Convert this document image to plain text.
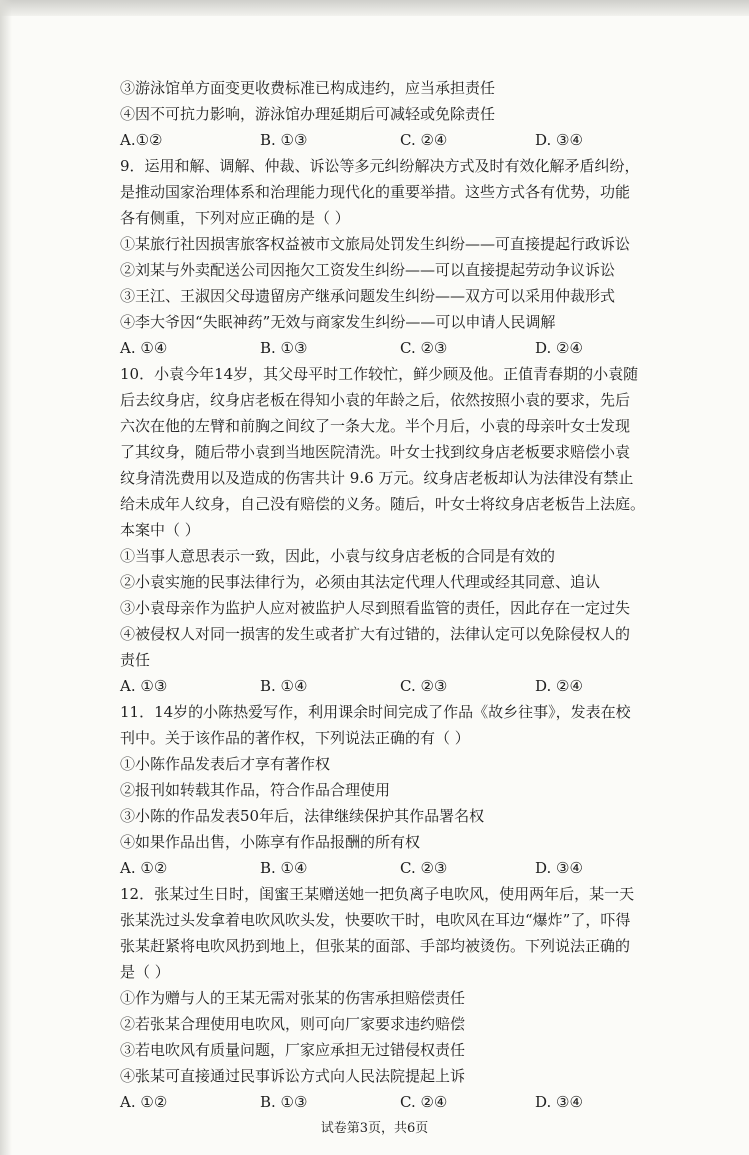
③游泳馆单方面变更收费标准已构成违约，应当承担责任
④因不可抗力影响，游泳馆办理延期后可减轻或免除责任
A.①②	B. ①③	C. ②④	D. ③④
9．运用和解、调解、仲裁、诉讼等多元纠纷解决方式及时有效化解矛盾纠纷，
是推动国家治理体系和治理能力现代化的重要举措。这些方式各有优势，功能
各有侧重，下列对应正确的是（ ）
①某旅行社因损害旅客权益被市文旅局处罚发生纠纷——可直接提起行政诉讼
②刘某与外卖配送公司因拖欠工资发生纠纷——可以直接提起劳动争议诉讼
③王江、王淑因父母遗留房产继承问题发生纠纷——双方可以采用仲裁形式
④李大爷因“失眠神药”无效与商家发生纠纷——可以申请人民调解
A. ①④	B. ①③	C. ②③	D. ②④
10．小袁今年14岁，其父母平时工作较忙，鲜少顾及他。正值青春期的小袁随
后去纹身店，纹身店老板在得知小袁的年龄之后，依然按照小袁的要求，先后
六次在他的左臂和前胸之间纹了一条大龙。半个月后，小袁的母亲叶女士发现
了其纹身，随后带小袁到当地医院清洗。叶女士找到纹身店老板要求赔偿小袁
纹身清洗费用以及造成的伤害共计 9.6 万元。纹身店老板却认为法律没有禁止
给未成年人纹身，自己没有赔偿的义务。随后，叶女士将纹身店老板告上法庭。
本案中（ ）
①当事人意思表示一致，因此，小袁与纹身店老板的合同是有效的
②小袁实施的民事法律行为，必须由其法定代理人代理或经其同意、追认
③小袁母亲作为监护人应对被监护人尽到照看监管的责任，因此存在一定过失
④被侵权人对同一损害的发生或者扩大有过错的，法律认定可以免除侵权人的
责任
A. ①③	B. ①④	C. ②③	D. ②④
11．14岁的小陈热爱写作，利用课余时间完成了作品《故乡往事》，发表在校
刊中。关于该作品的著作权，下列说法正确的有（ ）
①小陈作品发表后才享有著作权
②报刊如转载其作品，符合作品合理使用
③小陈的作品发表50年后，法律继续保护其作品署名权
④如果作品出售，小陈享有作品报酬的所有权
A. ①②	B. ①④	C. ②③	D. ③④
12．张某过生日时，闺蜜王某赠送她一把负离子电吹风，使用两年后，某一天
张某洗过头发拿着电吹风吹头发，快要吹干时，电吹风在耳边“爆炸”了，吓得
张某赶紧将电吹风扔到地上，但张某的面部、手部均被烫伤。下列说法正确的
是（ ）
①作为赠与人的王某无需对张某的伤害承担赔偿责任
②若张某合理使用电吹风，则可向厂家要求违约赔偿
③若电吹风有质量问题，厂家应承担无过错侵权责任
④张某可直接通过民事诉讼方式向人民法院提起上诉
A. ①②	B. ①③	C. ②④	D. ③④
试卷第3页，共6页
